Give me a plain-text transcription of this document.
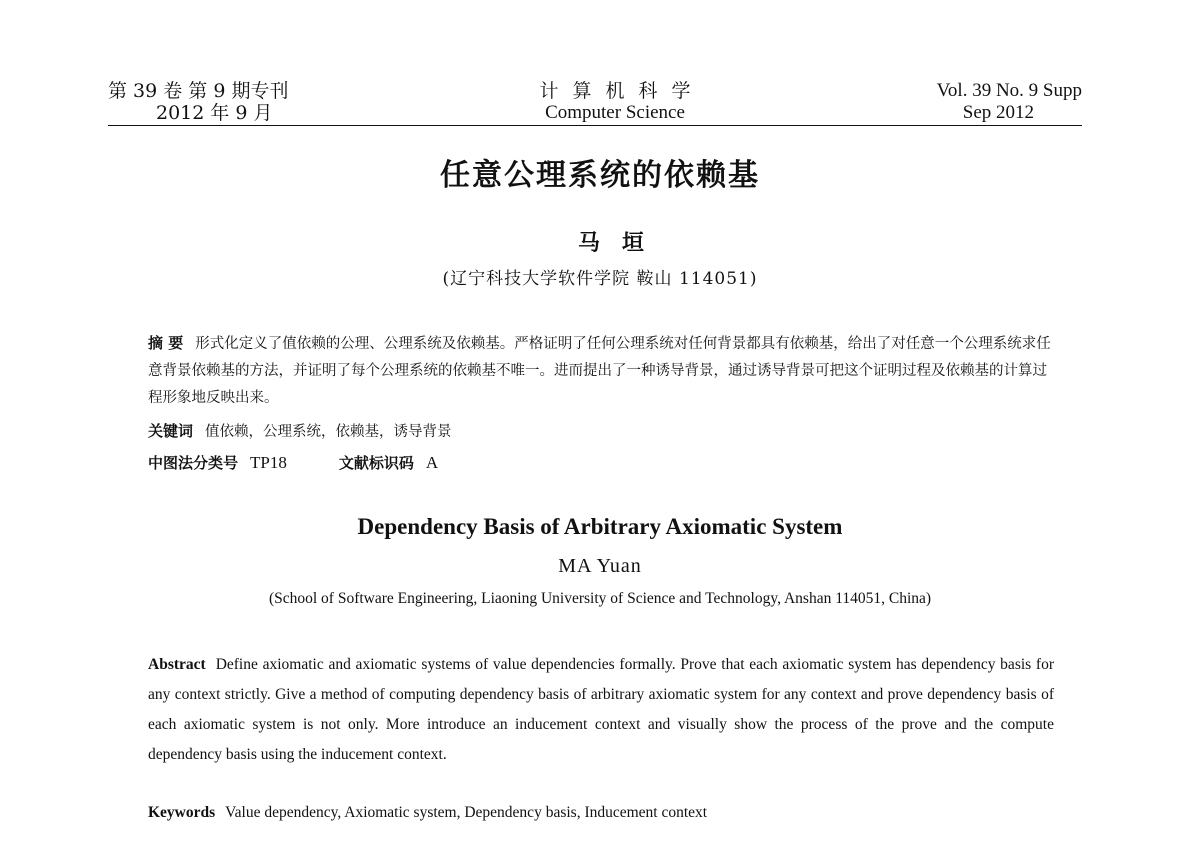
第 39 卷 第 9 期专刊
2012 年 9 月
计算机科学
Computer Science
Vol. 39 No. 9 Supp
Sep 2012
任意公理系统的依赖基
马垣
(辽宁科技大学软件学院 鞍山 114051)
摘 要 形式化定义了值依赖的公理、公理系统及依赖基。严格证明了任何公理系统对任何背景都具有依赖基，给出了对任意一个公理系统求任意背景依赖基的方法，并证明了每个公理系统的依赖基不唯一。进而提出了一种诱导背景，通过诱导背景可把这个证明过程及依赖基的计算过程形象地反映出来。
关键词 值依赖，公理系统，依赖基，诱导背景
中图法分类号 TP18	文献标识码 A
Dependency Basis of Arbitrary Axiomatic System
MA Yuan
(School of Software Engineering, Liaoning University of Science and Technology, Anshan 114051, China)
Abstract Define axiomatic and axiomatic systems of value dependencies formally. Prove that each axiomatic system has dependency basis for any context strictly. Give a method of computing dependency basis of arbitrary axiomatic system for any context and prove dependency basis of each axiomatic system is not only. More introduce an inducement context and visually show the process of the prove and the compute dependency basis using the inducement context.
Keywords Value dependency, Axiomatic system, Dependency basis, Inducement context
